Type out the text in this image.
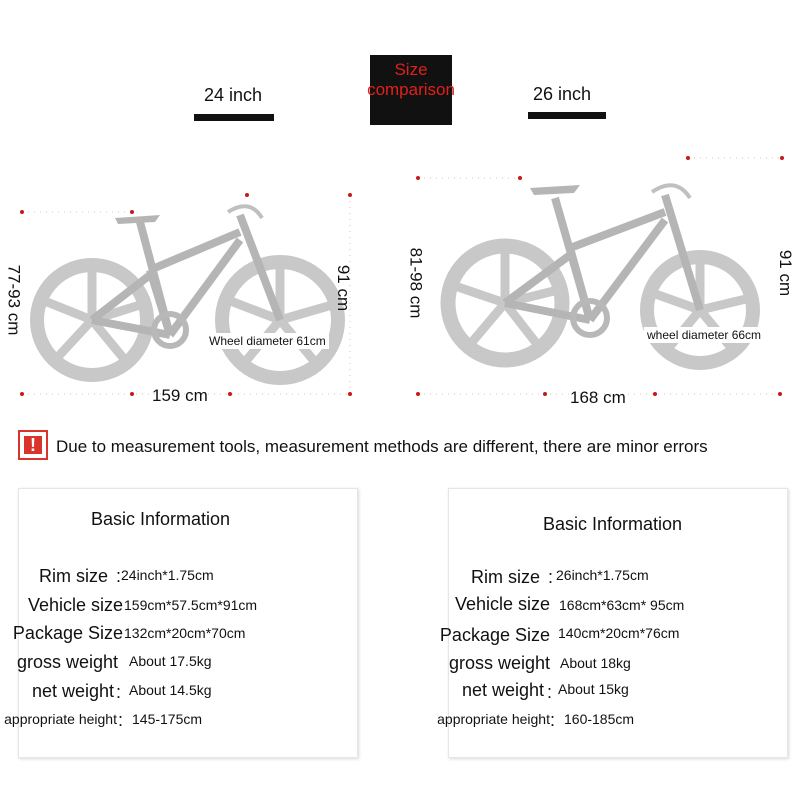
Size
comparison
24 inch	26 inch
77-93 cm	91 cm
159 cm
Wheel diameter 61cm
81-98 cm	91 cm
168 cm
wheel diameter 66cm
!	Due to measurement tools, measurement methods are different, there are minor errors
Basic Information
Rim size 24inch*1.75cm
Vehicle size 159cm*57.5cm*91cm
Package Size 132cm*20cm*70cm
gross weight About 17.5kg
net weight About 14.5kg
appropriate height 145-175cm
Basic Information
Rim size 26inch*1.75cm
Vehicle size 168cm*63cm* 95cm
Package Size 140cm*20cm*76cm
gross weight About 18kg
net weight About 15kg
appropriate height 160-185cm
:
:
:
:
:
:
